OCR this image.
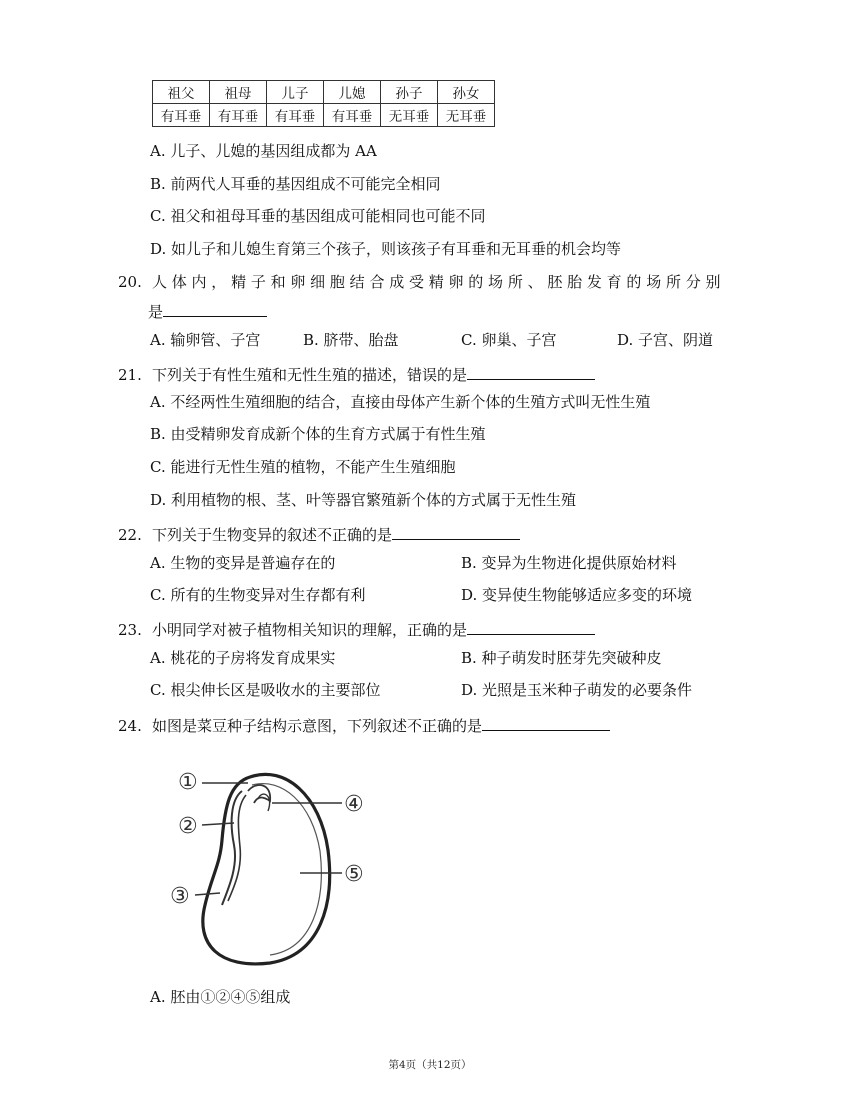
祖父	祖母	儿子	儿媳	孙子	孙女
有耳垂	有耳垂	有耳垂	有耳垂	无耳垂	无耳垂
A. 儿子、儿媳的基因组成都为 AA
B. 前两代人耳垂的基因组成不可能完全相同
C. 祖父和祖母耳垂的基因组成可能相同也可能不同
D. 如儿子和儿媳生育第三个孩子，则该孩子有耳垂和无耳垂的机会均等
20. 人 体 内 ， 精 子 和 卵 细 胞 结 合 成 受 精 卵 的 场 所 、 胚 胎 发 育 的 场 所 分 别
是
A. 输卵管、子宫	B. 脐带、胎盘	C. 卵巢、子宫	D. 子宫、阴道
21. 下列关于有性生殖和无性生殖的描述，错误的是
A. 不经两性生殖细胞的结合，直接由母体产生新个体的生殖方式叫无性生殖
B. 由受精卵发育成新个体的生育方式属于有性生殖
C. 能进行无性生殖的植物，不能产生生殖细胞
D. 利用植物的根、茎、叶等器官繁殖新个体的方式属于无性生殖
22. 下列关于生物变异的叙述不正确的是
A. 生物的变异是普遍存在的	B. 变异为生物进化提供原始材料
C. 所有的生物变异对生存都有利	D. 变异使生物能够适应多变的环境
23. 小明同学对被子植物相关知识的理解，正确的是
A. 桃花的子房将发育成果实	B. 种子萌发时胚芽先突破种皮
C. 根尖伸长区是吸收水的主要部位	D. 光照是玉米种子萌发的必要条件
24. 如图是菜豆种子结构示意图，下列叙述不正确的是
①
②
③
④
⑤
A. 胚由①②④⑤组成
第4页（共12页）
